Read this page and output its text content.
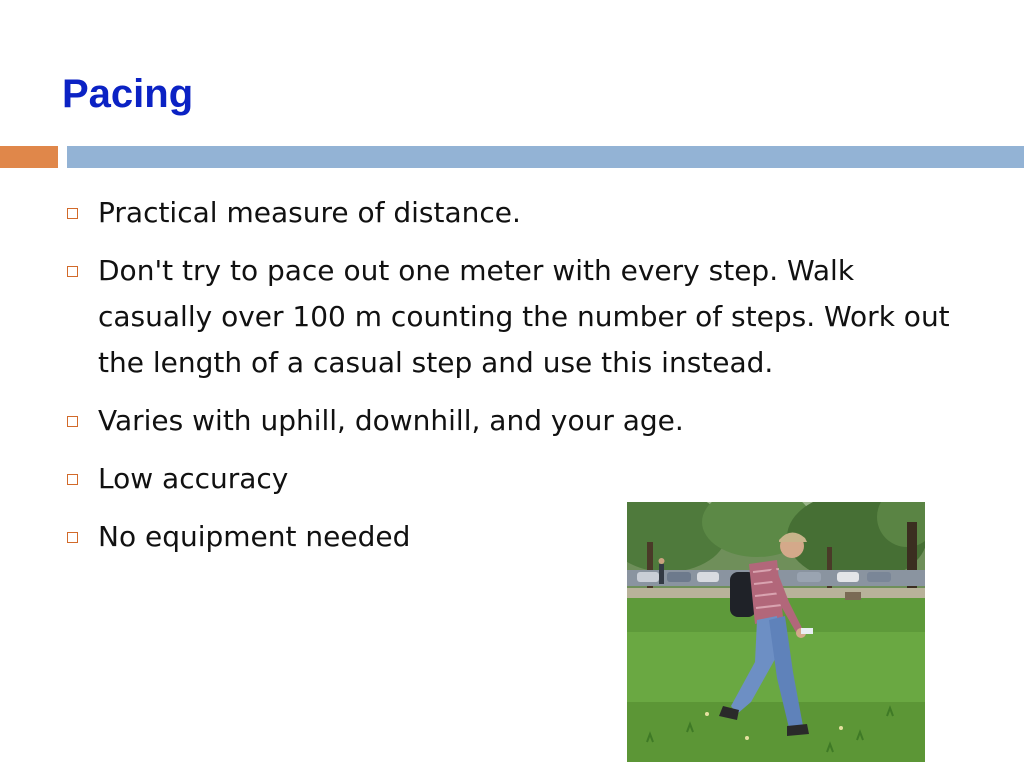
Pacing
Practical measure of distance.
Don't try to pace out one meter with every step. Walk casually over 100 m counting the number of steps. Work out the length of a casual step and use this instead.
Varies with uphill, downhill, and your age.
Low accuracy
No equipment needed
